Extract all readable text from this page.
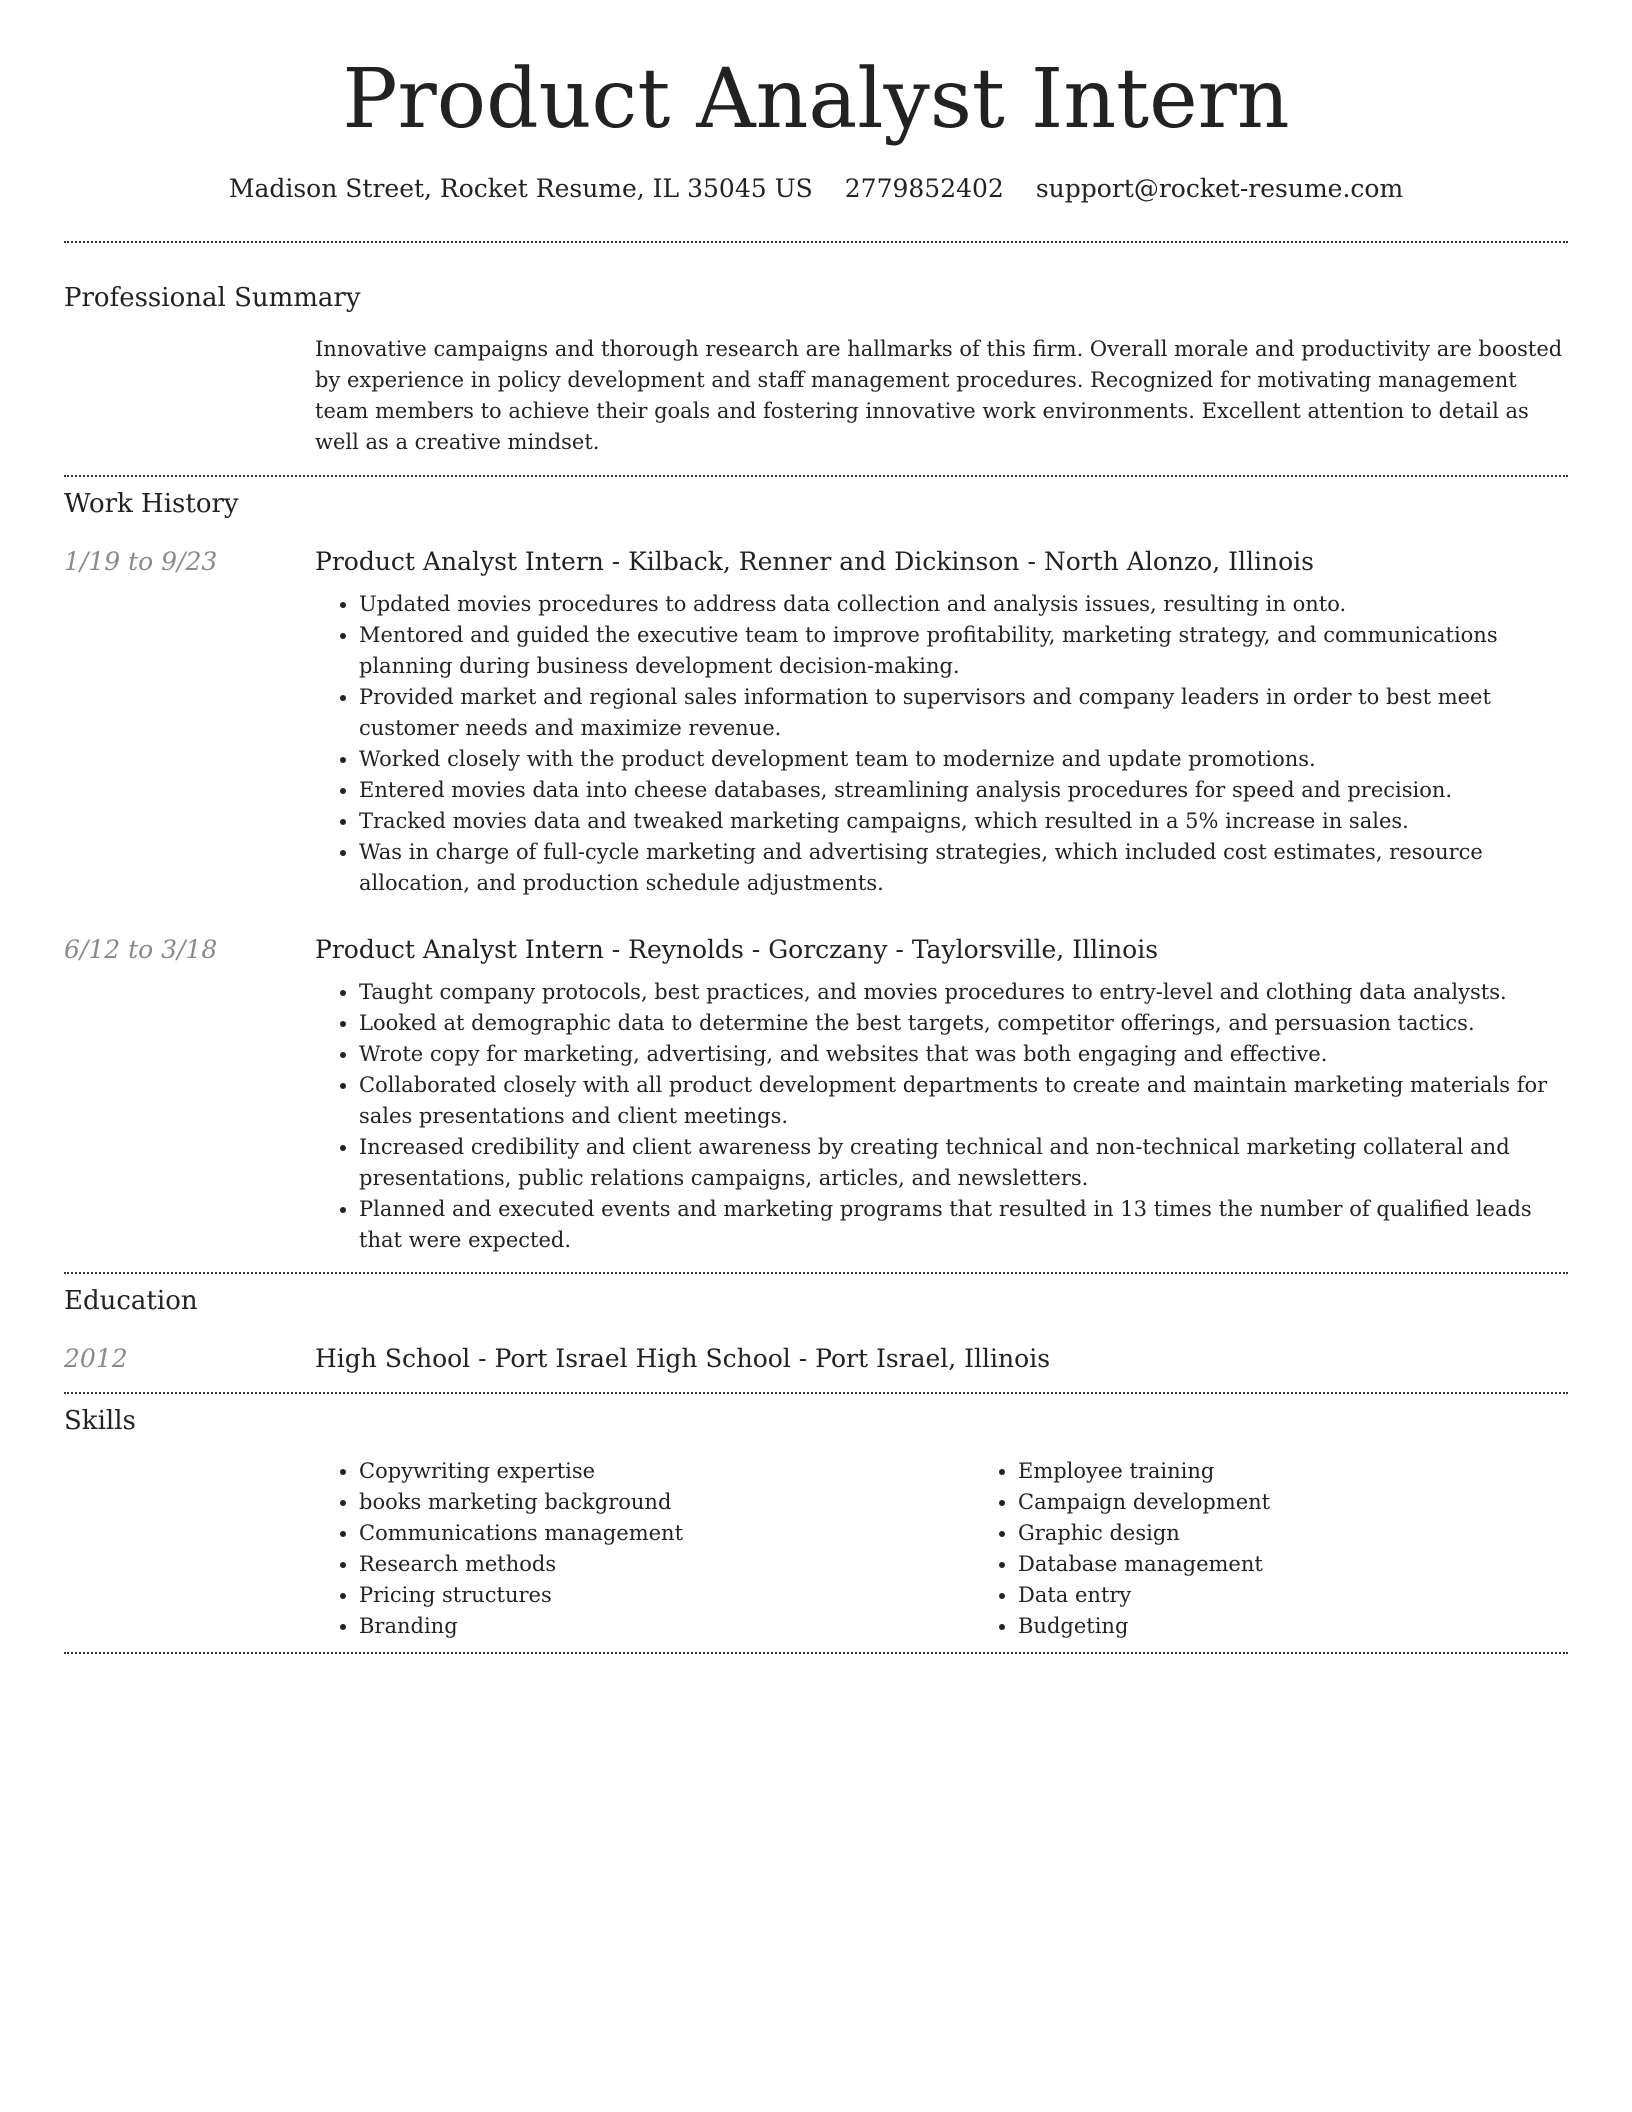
Product Analyst Intern
Madison Street, Rocket Resume, IL 35045 US 2779852402 support@rocket-resume.com
Professional Summary
Innovative campaigns and thorough research are hallmarks of this firm. Overall morale and productivity are boosted by experience in policy development and staff management procedures. Recognized for motivating management team members to achieve their goals and fostering innovative work environments. Excellent attention to detail as well as a creative mindset.
Work History
1/19 to 9/23	Product Analyst Intern - Kilback, Renner and Dickinson - North Alonzo, Illinois
• Updated movies procedures to address data collection and analysis issues, resulting in onto.
• Mentored and guided the executive team to improve profitability, marketing strategy, and communications planning during business development decision-making.
• Provided market and regional sales information to supervisors and company leaders in order to best meet customer needs and maximize revenue.
• Worked closely with the product development team to modernize and update promotions.
• Entered movies data into cheese databases, streamlining analysis procedures for speed and precision.
• Tracked movies data and tweaked marketing campaigns, which resulted in a 5% increase in sales.
• Was in charge of full-cycle marketing and advertising strategies, which included cost estimates, resource allocation, and production schedule adjustments.
6/12 to 3/18	Product Analyst Intern - Reynolds - Gorczany - Taylorsville, Illinois
• Taught company protocols, best practices, and movies procedures to entry-level and clothing data analysts.
• Looked at demographic data to determine the best targets, competitor offerings, and persuasion tactics.
• Wrote copy for marketing, advertising, and websites that was both engaging and effective.
• Collaborated closely with all product development departments to create and maintain marketing materials for sales presentations and client meetings.
• Increased credibility and client awareness by creating technical and non-technical marketing collateral and presentations, public relations campaigns, articles, and newsletters.
• Planned and executed events and marketing programs that resulted in 13 times the number of qualified leads that were expected.
Education
2012	High School - Port Israel High School - Port Israel, Illinois
Skills
• Copywriting expertise
• books marketing background
• Communications management
• Research methods
• Pricing structures
• Branding
• Employee training
• Campaign development
• Graphic design
• Database management
• Data entry
• Budgeting
